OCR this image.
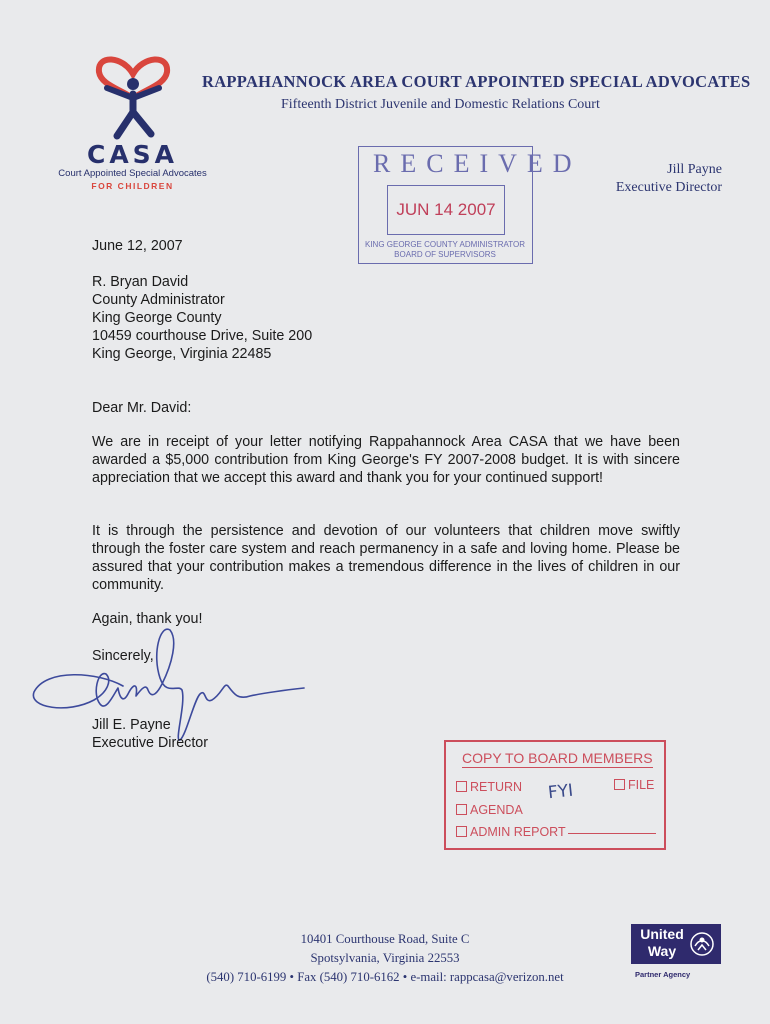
CASA
Court Appointed Special Advocates
FOR CHILDREN
RAPPAHANNOCK AREA COURT APPOINTED SPECIAL ADVOCATES
Fifteenth District Juvenile and Domestic Relations Court
Jill Payne
Executive Director
RECEIVED
JUN 14 2007
KING GEORGE COUNTY ADMINISTRATOR
BOARD OF SUPERVISORS
June 12, 2007
R. Bryan David
County Administrator
King George County
10459 courthouse Drive, Suite 200
King George, Virginia 22485
Dear Mr. David:
We are in receipt of your letter notifying Rappahannock Area CASA that we have been awarded a $5,000 contribution from King George's FY 2007-2008 budget. It is with sincere appreciation that we accept this award and thank you for your continued support!
It is through the persistence and devotion of our volunteers that children move swiftly through the foster care system and reach permanency in a safe and loving home. Please be assured that your contribution makes a tremendous difference in the lives of children in our community.
Again, thank you!
Sincerely,
Jill E. Payne
Executive Director
COPY TO BOARD MEMBERS
RETURN	FILE
FYI
AGENDA
ADMIN REPORT
10401 Courthouse Road, Suite C
Spotsylvania, Virginia 22553
(540) 710-6199 • Fax (540) 710-6162 • e-mail: rappcasa@verizon.net
United
Way
Partner Agency
